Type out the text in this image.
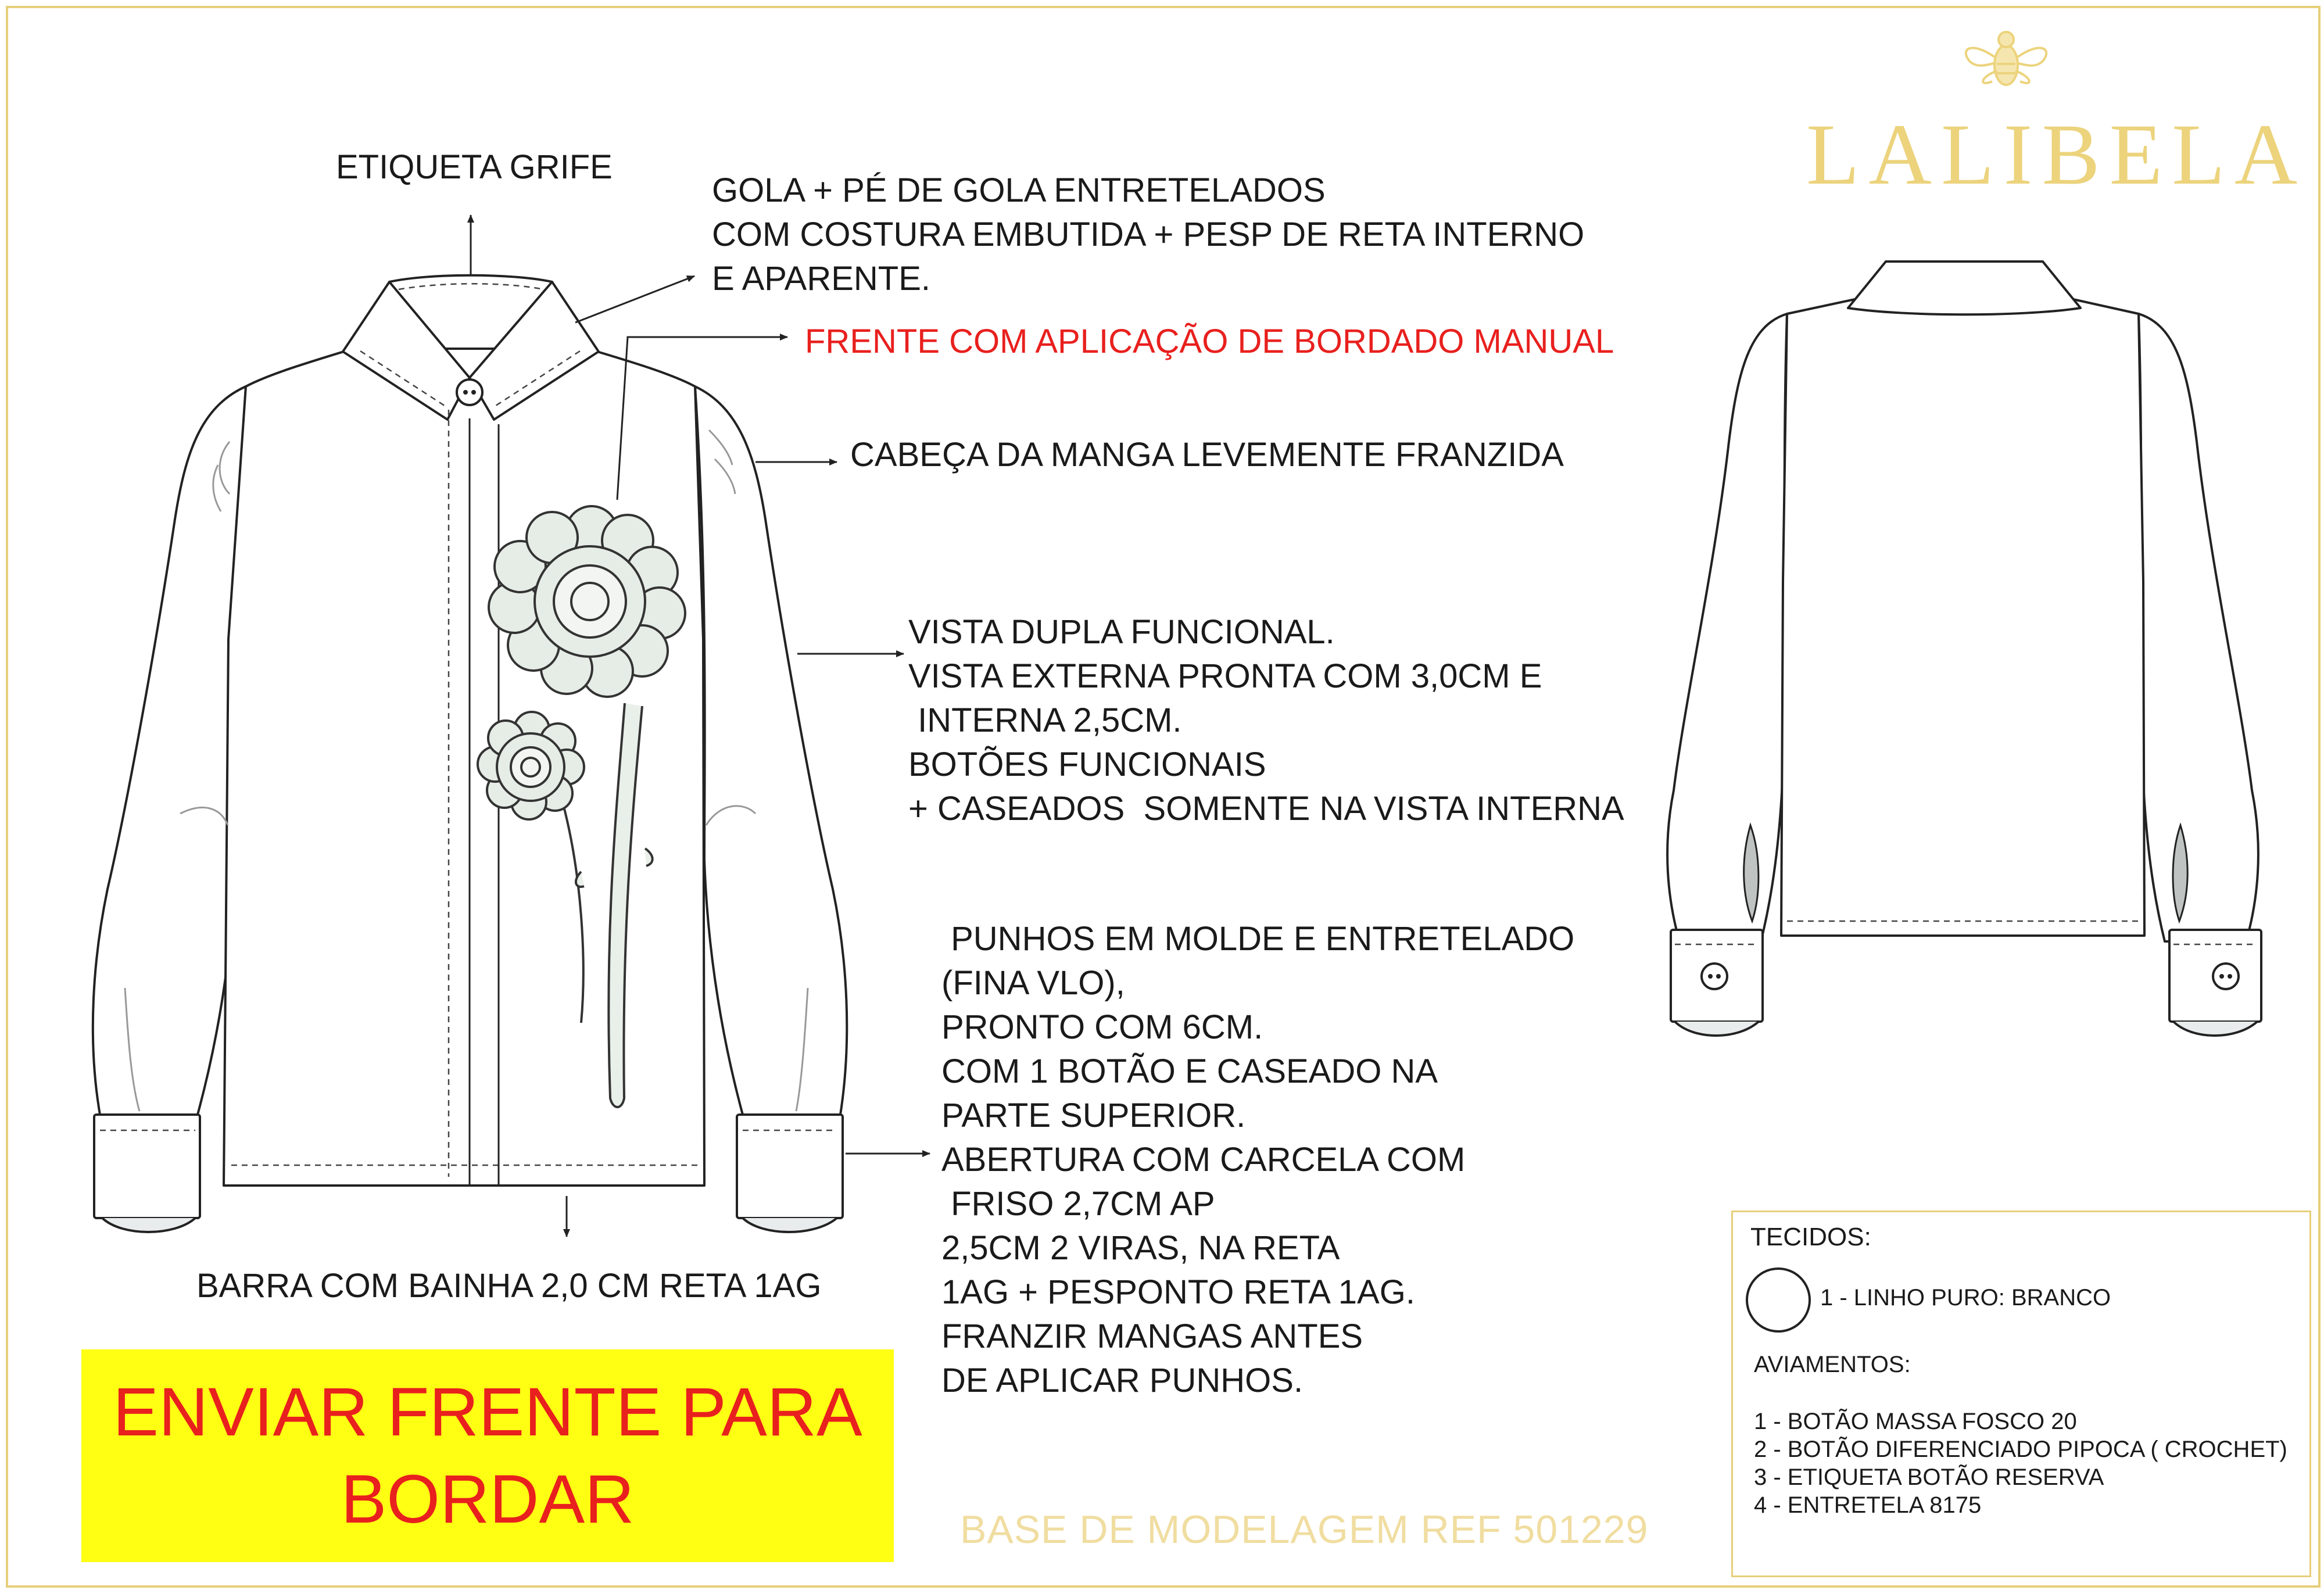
LALIBELA
ETIQUETA GRIFE
GOLA + PÉ DE GOLA ENTRETELADOS
COM COSTURA EMBUTIDA + PESP DE RETA INTERNO
E APARENTE.
FRENTE COM APLICAÇÃO DE BORDADO MANUAL
CABEÇA DA MANGA LEVEMENTE FRANZIDA
VISTA DUPLA FUNCIONAL.
VISTA EXTERNA PRONTA COM 3,0CM E
INTERNA 2,5CM.
BOTÕES FUNCIONAIS
+ CASEADOS  SOMENTE NA VISTA INTERNA
PUNHOS EM MOLDE E ENTRETELADO
(FINA VLO),
PRONTO COM 6CM.
COM 1 BOTÃO E CASEADO NA
PARTE SUPERIOR.
ABERTURA COM CARCELA COM
FRISO 2,7CM AP
2,5CM 2 VIRAS, NA RETA
1AG + PESPONTO RETA 1AG.
FRANZIR MANGAS ANTES
DE APLICAR PUNHOS.
BARRA COM BAINHA 2,0 CM RETA 1AG
ENVIAR FRENTE PARA
BORDAR	BASE DE MODELAGEM REF 501229
TECIDOS:
1 - LINHO PURO: BRANCO
AVIAMENTOS:
1 - BOTÃO MASSA FOSCO 20
2 - BOTÃO DIFERENCIADO PIPOCA ( CROCHET)
3 - ETIQUETA BOTÃO RESERVA
4 - ENTRETELA 8175
